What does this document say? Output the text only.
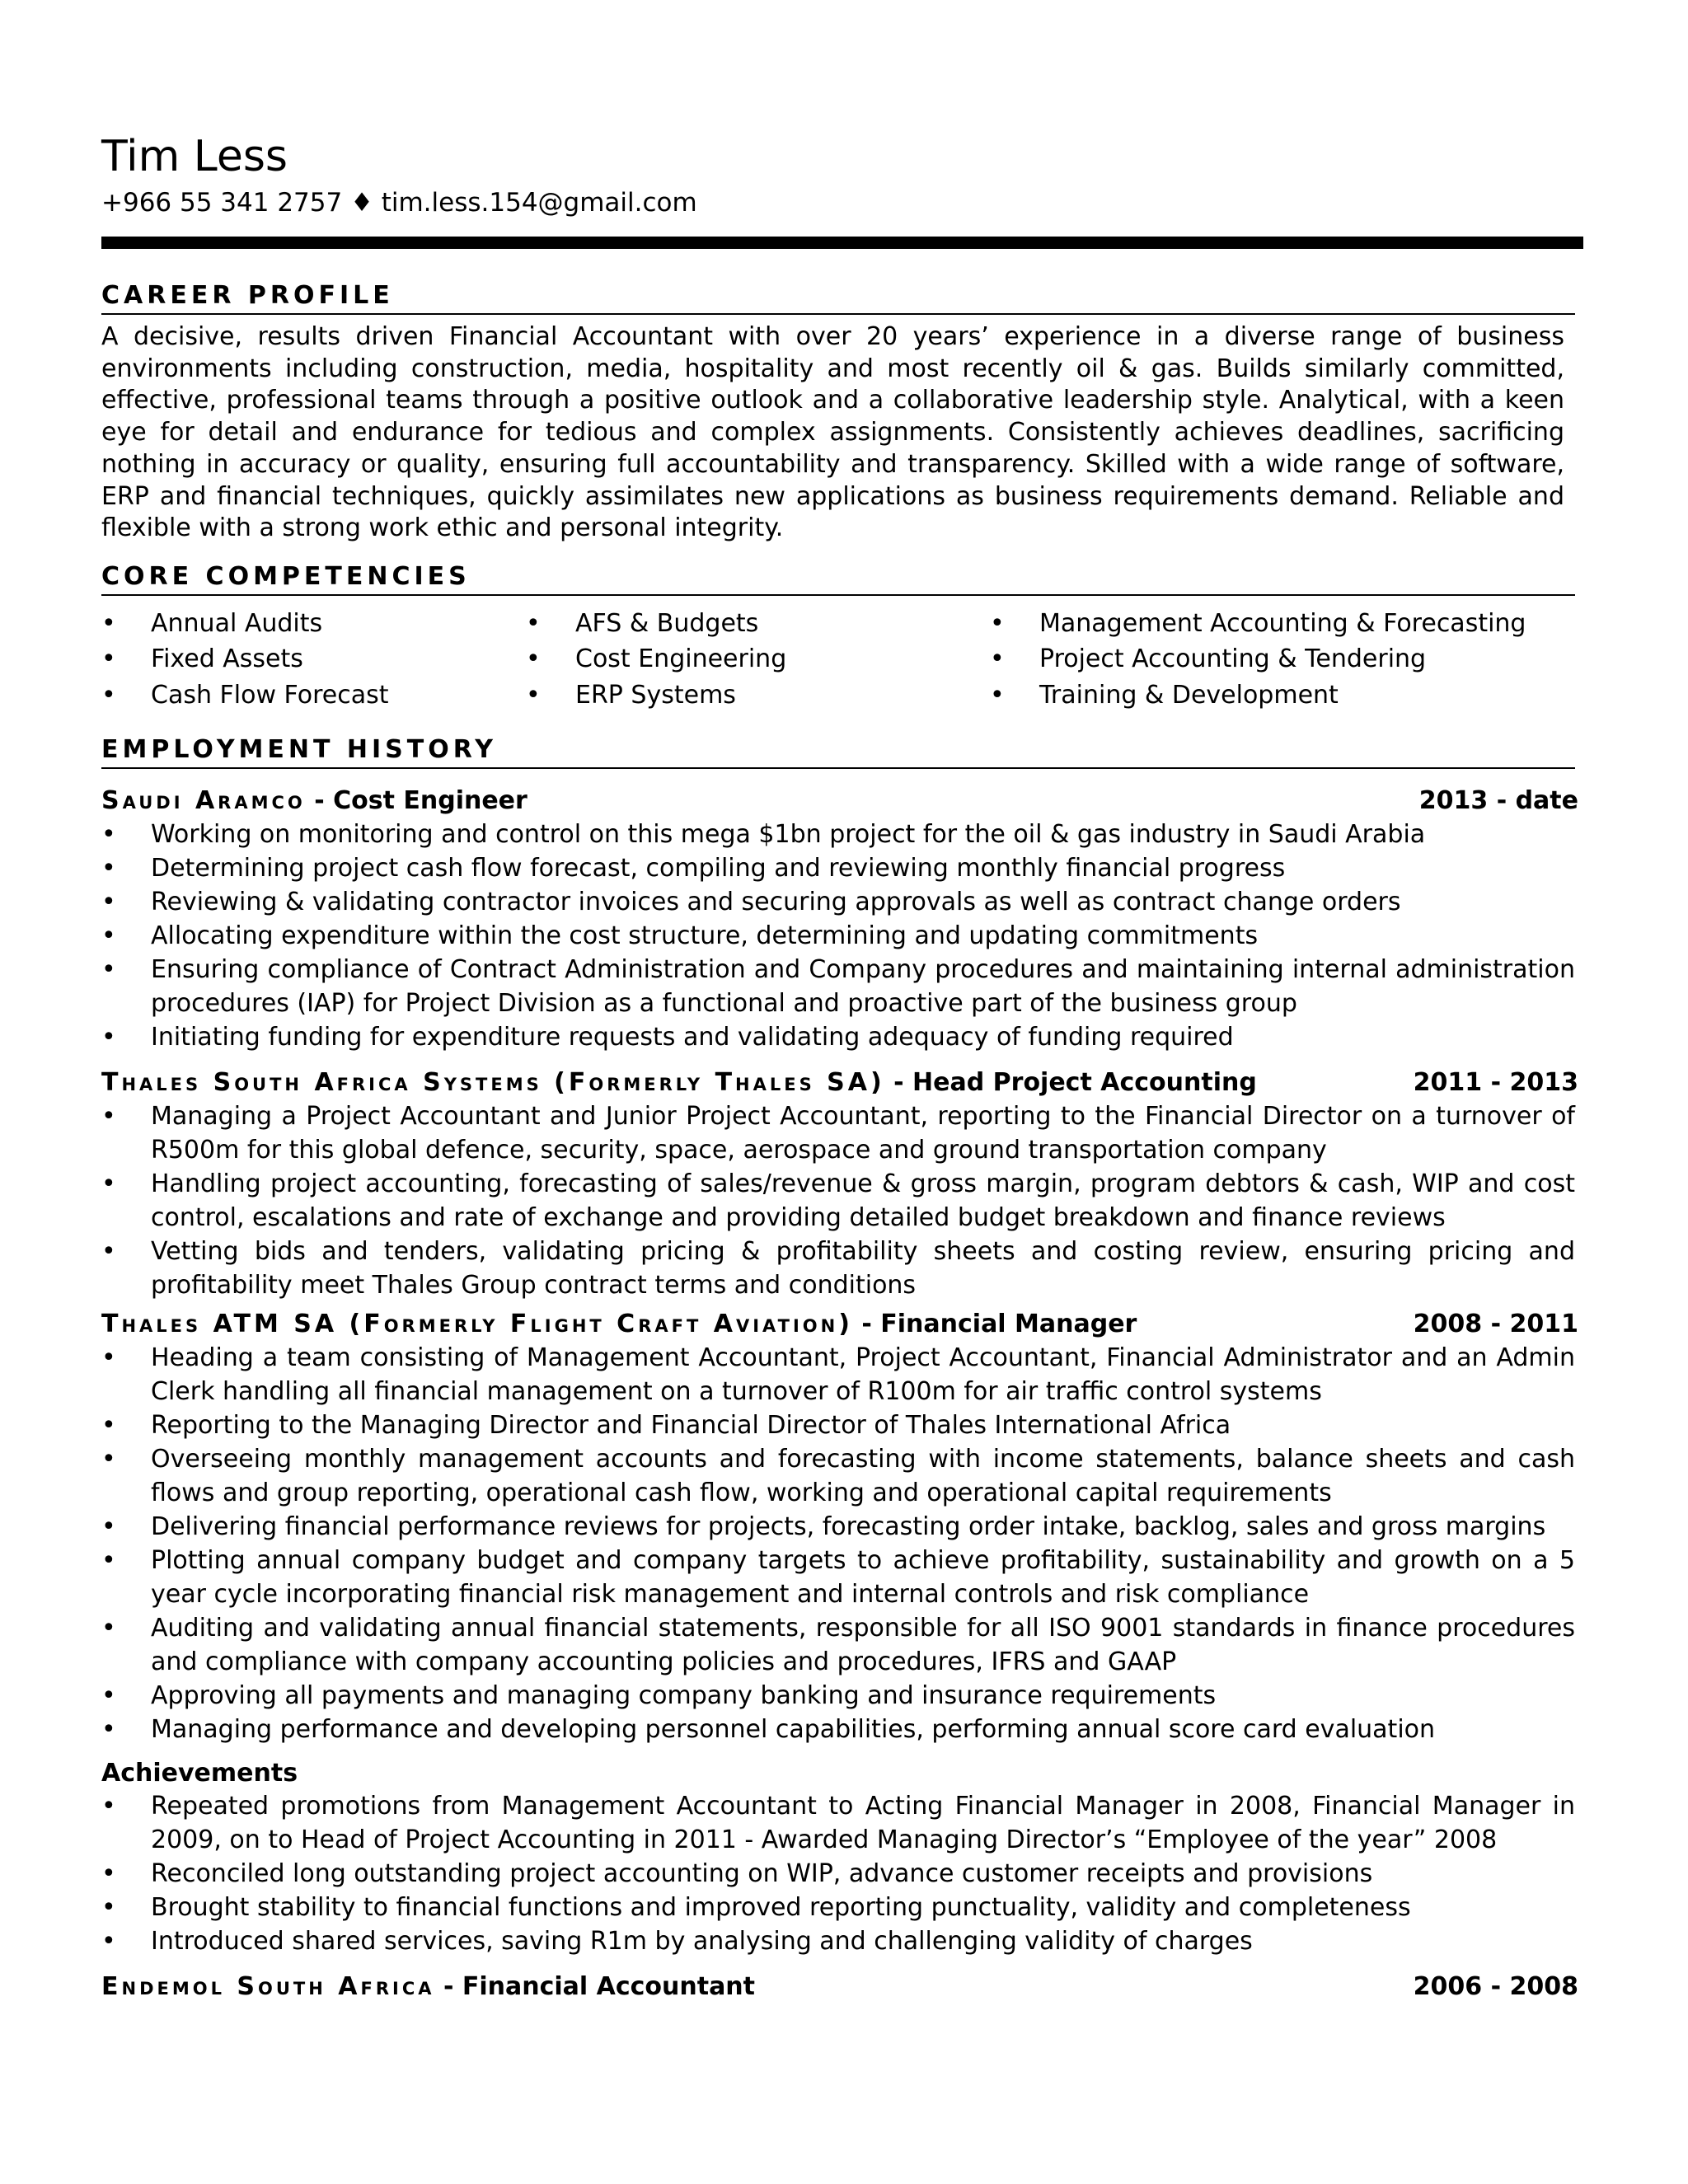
Tim Less
+966 55 341 2757 ♦ tim.less.154@gmail.com
CAREER PROFILE
A decisive, results driven Financial Accountant with over 20 years’ experience in a diverse range of business environments including construction, media, hospitality and most recently oil & gas. Builds similarly committed, effective, professional teams through a positive outlook and a collaborative leadership style. Analytical, with a keen eye for detail and endurance for tedious and complex assignments. Consistently achieves deadlines, sacrificing nothing in accuracy or quality, ensuring full accountability and transparency. Skilled with a wide range of software, ERP and financial techniques, quickly assimilates new applications as business requirements demand. Reliable and flexible with a strong work ethic and personal integrity.
CORE COMPETENCIES
• Annual Audits
• Fixed Assets
• Cash Flow Forecast
• AFS & Budgets
• Cost Engineering
• ERP Systems
• Management Accounting & Forecasting
• Project Accounting & Tendering
• Training & Development
EMPLOYMENT HISTORY
Saudi Aramco - Cost Engineer	2013 - date
• Working on monitoring and control on this mega $1bn project for the oil & gas industry in Saudi Arabia
• Determining project cash flow forecast, compiling and reviewing monthly financial progress
• Reviewing & validating contractor invoices and securing approvals as well as contract change orders
• Allocating expenditure within the cost structure, determining and updating commitments
• Ensuring compliance of Contract Administration and Company procedures and maintaining internal administration procedures (IAP) for Project Division as a functional and proactive part of the business group
• Initiating funding for expenditure requests and validating adequacy of funding required
Thales South Africa Systems (Formerly Thales SA) - Head Project Accounting	2011 - 2013
• Managing a Project Accountant and Junior Project Accountant, reporting to the Financial Director on a turnover of R500m for this global defence, security, space, aerospace and ground transportation company
• Handling project accounting, forecasting of sales/revenue & gross margin, program debtors & cash, WIP and cost control, escalations and rate of exchange and providing detailed budget breakdown and finance reviews
• Vetting bids and tenders, validating pricing & profitability sheets and costing review, ensuring pricing and profitability meet Thales Group contract terms and conditions
Thales ATM SA (Formerly Flight Craft Aviation) - Financial Manager	2008 - 2011
• Heading a team consisting of Management Accountant, Project Accountant, Financial Administrator and an Admin Clerk handling all financial management on a turnover of R100m for air traffic control systems
• Reporting to the Managing Director and Financial Director of Thales International Africa
• Overseeing monthly management accounts and forecasting with income statements, balance sheets and cash flows and group reporting, operational cash flow, working and operational capital requirements
• Delivering financial performance reviews for projects, forecasting order intake, backlog, sales and gross margins
• Plotting annual company budget and company targets to achieve profitability, sustainability and growth on a 5 year cycle incorporating financial risk management and internal controls and risk compliance
• Auditing and validating annual financial statements, responsible for all ISO 9001 standards in finance procedures and compliance with company accounting policies and procedures, IFRS and GAAP
• Approving all payments and managing company banking and insurance requirements
• Managing performance and developing personnel capabilities, performing annual score card evaluation
Achievements
• Repeated promotions from Management Accountant to Acting Financial Manager in 2008, Financial Manager in 2009, on to Head of Project Accounting in 2011 - Awarded Managing Director’s “Employee of the year” 2008
• Reconciled long outstanding project accounting on WIP, advance customer receipts and provisions
• Brought stability to financial functions and improved reporting punctuality, validity and completeness
• Introduced shared services, saving R1m by analysing and challenging validity of charges
Endemol South Africa - Financial Accountant	2006 - 2008
